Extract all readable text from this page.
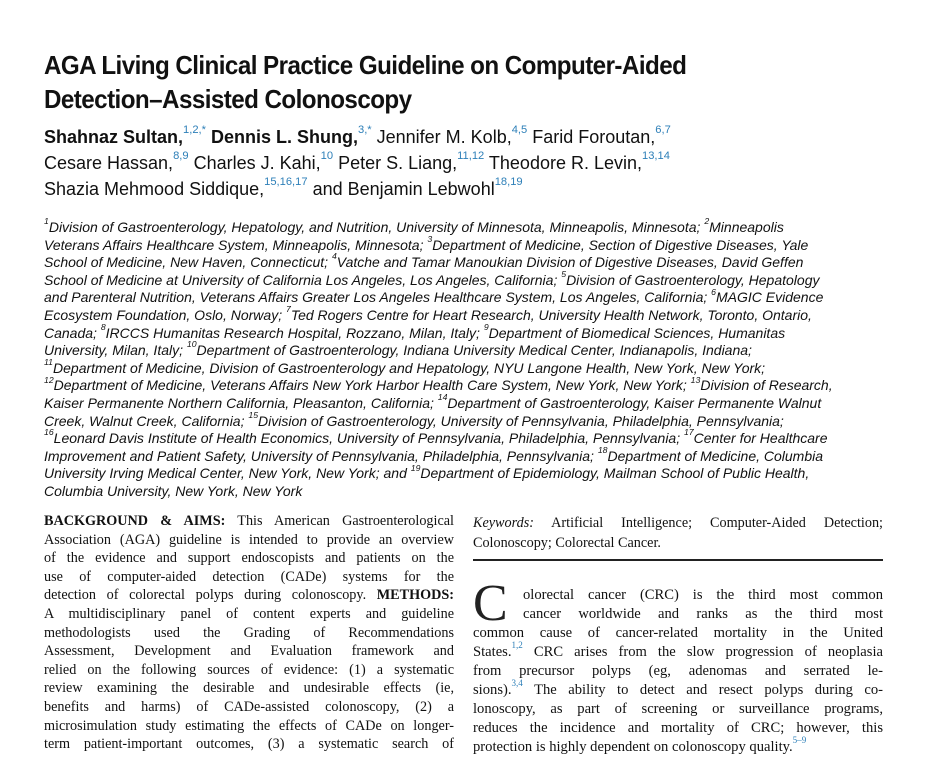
AGA Living Clinical Practice Guideline on Computer-Aided
Detection–Assisted Colonoscopy
Shahnaz Sultan,$^{1,2,*}$ Dennis L. Shung,$^{3,*}$ Jennifer M. Kolb,$^{4,5}$ Farid Foroutan,$^{6,7}$
Cesare Hassan,$^{8,9}$ Charles J. Kahi,$^{10}$ Peter S. Liang,$^{11,12}$ Theodore R. Levin,$^{13,14}$
Shazia Mehmood Siddique,$^{15,16,17}$ and Benjamin Lebwohl$^{18,19}$
$^1$Division of Gastroenterology, Hepatology, and Nutrition, University of Minnesota, Minneapolis, Minnesota; $^2$Minneapolis
Veterans Affairs Healthcare System, Minneapolis, Minnesota; $^3$Department of Medicine, Section of Digestive Diseases, Yale
School of Medicine, New Haven, Connecticut; $^4$Vatche and Tamar Manoukian Division of Digestive Diseases, David Geffen
School of Medicine at University of California Los Angeles, Los Angeles, California; $^5$Division of Gastroenterology, Hepatology
and Parenteral Nutrition, Veterans Affairs Greater Los Angeles Healthcare System, Los Angeles, California; $^6$MAGIC Evidence
Ecosystem Foundation, Oslo, Norway; $^7$Ted Rogers Centre for Heart Research, University Health Network, Toronto, Ontario,
Canada; $^8$IRCCS Humanitas Research Hospital, Rozzano, Milan, Italy; $^9$Department of Biomedical Sciences, Humanitas
University, Milan, Italy; $^{10}$Department of Gastroenterology, Indiana University Medical Center, Indianapolis, Indiana;
$^{11}$Department of Medicine, Division of Gastroenterology and Hepatology, NYU Langone Health, New York, New York;
$^{12}$Department of Medicine, Veterans Affairs New York Harbor Health Care System, New York, New York; $^{13}$Division of Research,
Kaiser Permanente Northern California, Pleasanton, California; $^{14}$Department of Gastroenterology, Kaiser Permanente Walnut
Creek, Walnut Creek, California; $^{15}$Division of Gastroenterology, University of Pennsylvania, Philadelphia, Pennsylvania;
$^{16}$Leonard Davis Institute of Health Economics, University of Pennsylvania, Philadelphia, Pennsylvania; $^{17}$Center for Healthcare
Improvement and Patient Safety, University of Pennsylvania, Philadelphia, Pennsylvania; $^{18}$Department of Medicine, Columbia
University Irving Medical Center, New York, New York; and $^{19}$Department of Epidemiology, Mailman School of Public Health,
Columbia University, New York, New York
BACKGROUND & AIMS: This American Gastroenterological
Association (AGA) guideline is intended to provide an overview
of the evidence and support endoscopists and patients on the
use of computer-aided detection (CADe) systems for the
detection of colorectal polyps during colonoscopy. METHODS:
A multidisciplinary panel of content experts and guideline
methodologists used the Grading of Recommendations
Assessment, Development and Evaluation framework and
relied on the following sources of evidence: (1) a systematic
review examining the desirable and undesirable effects (ie,
benefits and harms) of CADe-assisted colonoscopy, (2) a
microsimulation study estimating the effects of CADe on longer-
term patient-important outcomes, (3) a systematic search of
Keywords: Artificial Intelligence; Computer-Aided Detection;
Colonoscopy; Colorectal Cancer.
C	olorectal cancer (CRC) is the third most common
cancer worldwide and ranks as the third most
common cause of cancer-related mortality in the United
States.$^{1,2}$ CRC arises from the slow progression of neoplasia
from precursor polyps (eg, adenomas and serrated le-
sions).$^{3,4}$ The ability to detect and resect polyps during co-
lonoscopy, as part of screening or surveillance programs,
reduces the incidence and mortality of CRC; however, this
protection is highly dependent on colonoscopy quality.$^{5-9}$
